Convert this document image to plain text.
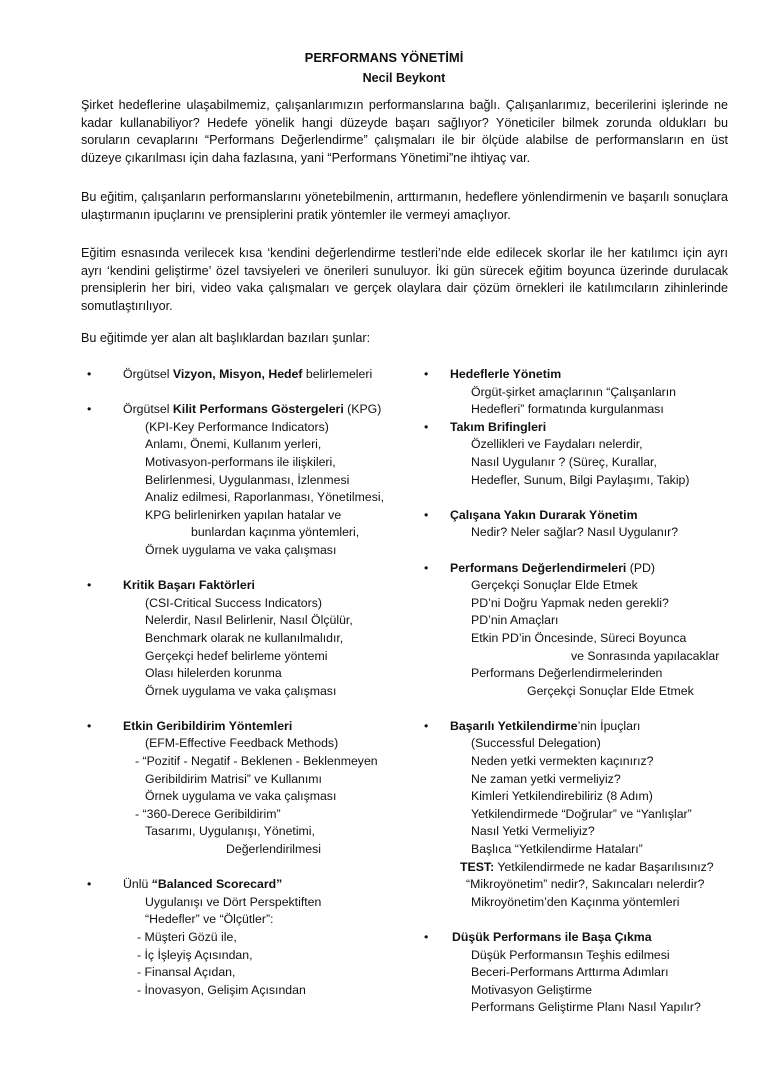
PERFORMANS YÖNETİMİ
Necil Beykont

Şirket hedeflerine ulaşabilmemiz, çalışanlarımızın performanslarına bağlı. Çalışanlarımız, becerilerini işlerinde ne kadar kullanabiliyor? Hedefe yönelik hangi düzeyde başarı sağlıyor? Yöneticiler bilmek zorunda oldukları bu soruların cevaplarını “Performans Değerlendirme” çalışmaları ile bir ölçüde alabilse de performansların en üst düzeye çıkarılması için daha fazlasına, yani “Performans Yönetimi”ne ihtiyaç var.

Bu eğitim, çalışanların performanslarını yönetebilmenin, arttırmanın, hedeflere yönlendirmenin ve başarılı sonuçlara ulaştırmanın ipuçlarını ve prensiplerini pratik yöntemler ile vermeyi amaçlıyor.

Eğitim esnasında verilecek kısa ‘kendini değerlendirme testleri’nde elde edilecek skorlar ile her katılımcı için ayrı ayrı ‘kendini geliştirme’ özel tavsiyeleri ve önerileri sunuluyor. İki gün sürecek eğitim boyunca üzerinde durulacak prensiplerin her biri, video vaka çalışmaları ve gerçek olaylara dair çözüm örnekleri ile katılımcıların zihinlerinde somutlaştırılıyor.

Bu eğitimde yer alan alt başlıklardan bazıları şunlar:

•	Örgütsel Vizyon, Misyon, Hedef belirlemeleri
•	Örgütsel Kilit Performans Göstergeleri (KPG)
(KPI-Key Performance Indicators)
Anlamı, Önemi, Kullanım yerleri,
Motivasyon-performans ile ilişkileri,
Belirlenmesi, Uygulanması, İzlenmesi
Analiz edilmesi, Raporlanması, Yönetilmesi,
KPG belirlenirken yapılan hatalar ve
bunlardan kaçınma yöntemleri,
Örnek uygulama ve vaka çalışması
•	Kritik Başarı Faktörleri
(CSI-Critical Success Indicators)
Nelerdir, Nasıl Belirlenir, Nasıl Ölçülür,
Benchmark olarak ne kullanılmalıdır,
Gerçekçi hedef belirleme yöntemi
Olası hilelerden korunma
Örnek uygulama ve vaka çalışması
•	Etkin Geribildirim Yöntemleri
(EFM-Effective Feedback Methods)
- “Pozitif - Negatif - Beklenen - Beklenmeyen
Geribildirim Matrisi” ve Kullanımı
Örnek uygulama ve vaka çalışması
- “360-Derece Geribildirim”
Tasarımı, Uygulanışı, Yönetimi,
Değerlendirilmesi
•	Ünlü “Balanced Scorecard”
Uygulanışı ve Dört Perspektiften
“Hedefler” ve “Ölçütler”:
- Müşteri Gözü ile,
- İç İşleyiş Açısından,
- Finansal Açıdan,
- İnovasyon, Gelişim Açısından
•	Hedeflerle Yönetim
Örgüt-şirket amaçlarının “Çalışanların
Hedefleri” formatında kurgulanması
•	Takım Brifingleri
Özellikleri ve Faydaları nelerdir,
Nasıl Uygulanır ? (Süreç, Kurallar,
Hedefler, Sunum, Bilgi Paylaşımı, Takip)
•	Çalışana Yakın Durarak Yönetim
Nedir? Neler sağlar? Nasıl Uygulanır?
•	Performans Değerlendirmeleri (PD)
Gerçekçi Sonuçlar Elde Etmek
PD’ni Doğru Yapmak neden gerekli?
PD’nin Amaçları
Etkin PD’in Öncesinde, Süreci Boyunca
ve Sonrasında yapılacaklar
Performans Değerlendirmelerinden
Gerçekçi Sonuçlar Elde Etmek
•	Başarılı Yetkilendirme’nin İpuçları
(Successful Delegation)
Neden yetki vermekten kaçınırız?
Ne zaman yetki vermeliyiz?
Kimleri Yetkilendirebiliriz (8 Adım)
Yetkilendirmede “Doğrular” ve “Yanlışlar”
Nasıl Yetki Vermeliyiz?
Başlıca “Yetkilendirme Hataları”
TEST: Yetkilendirmede ne kadar Başarılısınız?
“Mikroyönetim” nedir?, Sakıncaları nelerdir?
Mikroyönetim’den Kaçınma yöntemleri
•	Düşük Performans ile Başa Çıkma
Düşük Performansın Teşhis edilmesi
Beceri-Performans Arttırma Adımları
Motivasyon Geliştirme
Performans Geliştirme Planı Nasıl Yapılır?
